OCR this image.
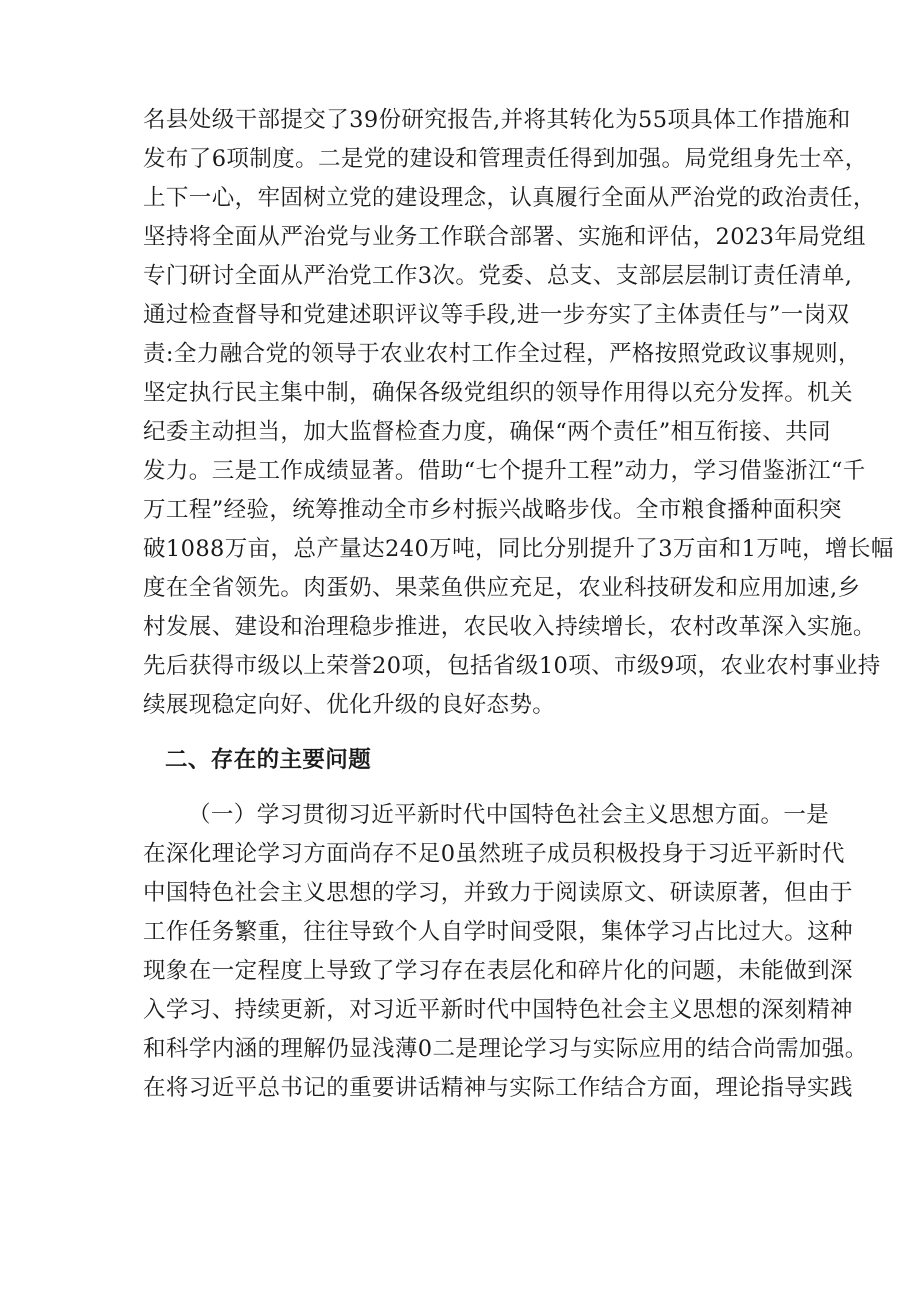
名县处级干部提交了39份研究报告,并将其转化为55项具体工作措施和
发布了6项制度。二是党的建设和管理责任得到加强。局党组身先士卒，
上下一心，牢固树立党的建设理念，认真履行全面从严治党的政治责任，
坚持将全面从严治党与业务工作联合部署、实施和评估，2023年局党组
专门研讨全面从严治党工作3次。党委、总支、支部层层制订责任清单,
通过检查督导和党建述职评议等手段,进一步夯实了主体责任与”一岗双
责:全力融合党的领导于农业农村工作全过程，严格按照党政议事规则，
坚定执行民主集中制，确保各级党组织的领导作用得以充分发挥。机关
纪委主动担当，加大监督检查力度，确保“两个责任”相互衔接、共同
发力。三是工作成绩显著。借助“七个提升工程”动力，学习借鉴浙江“千
万工程”经验，统筹推动全市乡村振兴战略步伐。全市粮食播种面积突
破1088万亩，总产量达240万吨，同比分别提升了3万亩和1万吨，增长幅
度在全省领先。肉蛋奶、果菜鱼供应充足，农业科技研发和应用加速,乡
村发展、建设和治理稳步推进，农民收入持续增长，农村改革深入实施。
先后获得市级以上荣誉20项，包括省级10项、市级9项，农业农村事业持
续展现稳定向好、优化升级的良好态势。
二、存在的主要问题
（一）学习贯彻习近平新时代中国特色社会主义思想方面。一是
在深化理论学习方面尚存不足0虽然班子成员积极投身于习近平新时代
中国特色社会主义思想的学习，并致力于阅读原文、研读原著，但由于
工作任务繁重，往往导致个人自学时间受限，集体学习占比过大。这种
现象在一定程度上导致了学习存在表层化和碎片化的问题，未能做到深
入学习、持续更新，对习近平新时代中国特色社会主义思想的深刻精神
和科学内涵的理解仍显浅薄0二是理论学习与实际应用的结合尚需加强。
在将习近平总书记的重要讲话精神与实际工作结合方面，理论指导实践
